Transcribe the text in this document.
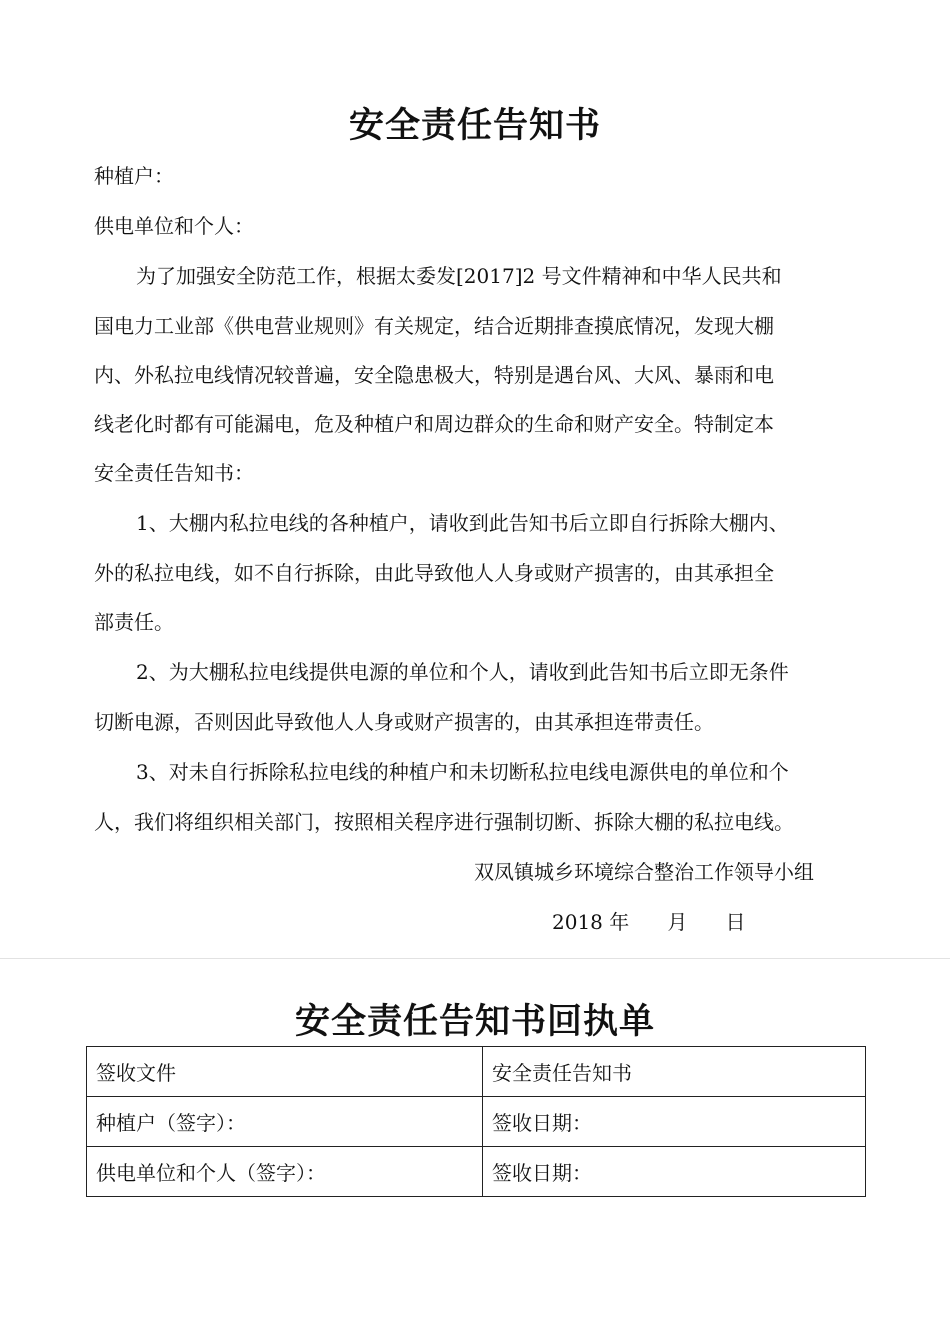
安全责任告知书
种植户：
供电单位和个人：
为了加强安全防范工作，根据太委发[2017]2 号文件精神和中华人民共和
国电力工业部《供电营业规则》有关规定，结合近期排查摸底情况，发现大棚
内、外私拉电线情况较普遍，安全隐患极大，特别是遇台风、大风、暴雨和电
线老化时都有可能漏电，危及种植户和周边群众的生命和财产安全。特制定本
安全责任告知书：
1、大棚内私拉电线的各种植户，请收到此告知书后立即自行拆除大棚内、
外的私拉电线，如不自行拆除，由此导致他人人身或财产损害的，由其承担全
部责任。
2、为大棚私拉电线提供电源的单位和个人，请收到此告知书后立即无条件
切断电源，否则因此导致他人人身或财产损害的，由其承担连带责任。
3、对未自行拆除私拉电线的种植户和未切断私拉电线电源供电的单位和个
人，我们将组织相关部门，按照相关程序进行强制切断、拆除大棚的私拉电线。
双凤镇城乡环境综合整治工作领导小组
2018 年      月      日
安全责任告知书回执单
签收文件	安全责任告知书
种植户（签字）：	签收日期：
供电单位和个人（签字）：	签收日期：
